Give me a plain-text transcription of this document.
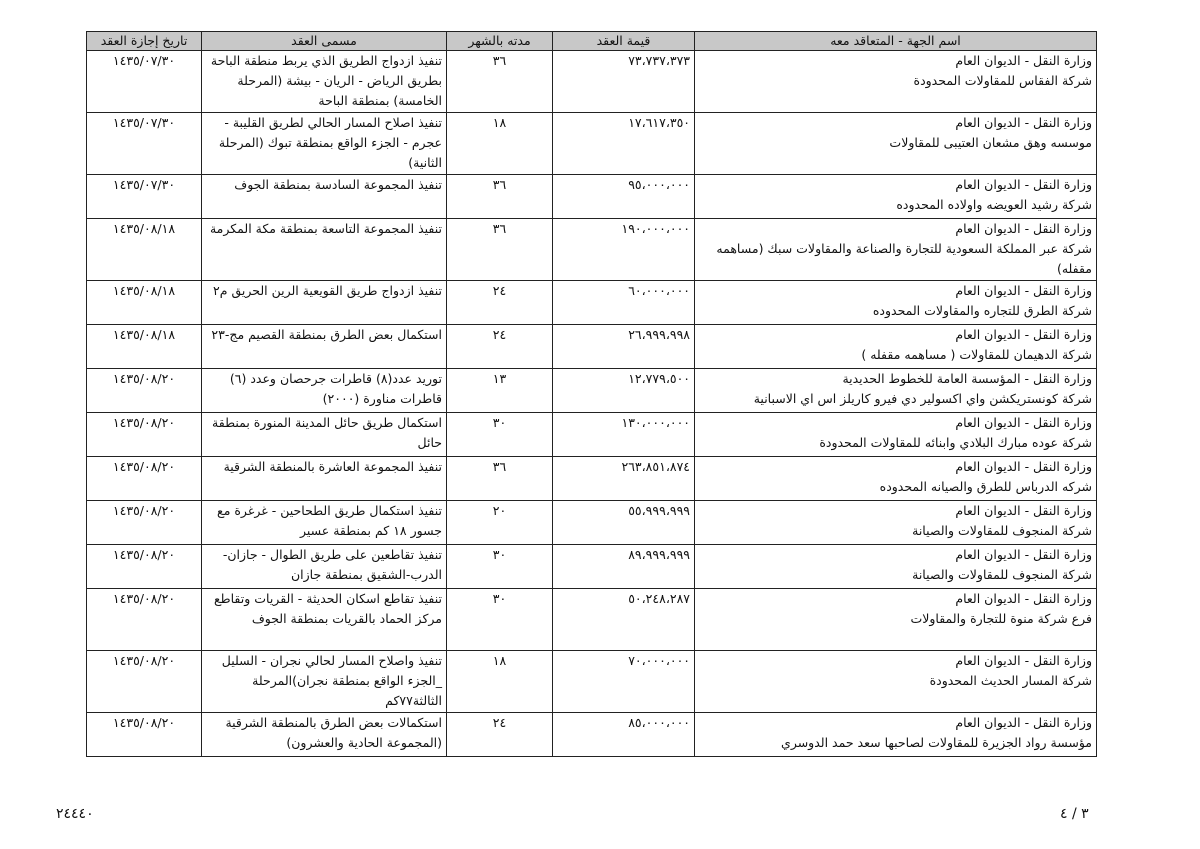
اسم الجهة - المتعاقد معه	قيمة العقد	مدته بالشهر	مسمى العقد	تاريخ إجازة العقد

وزارة النقل - الديوان العام
شركة الفقاس للمقاولات المحدودة	٧٣،٧٣٧،٣٧٣	٣٦	تنفيذ ازدواج الطريق الذي يربط منطقة الباحة بطريق الرياض - الريان - بيشة (المرحلة الخامسة) بمنطقة الباحة	١٤٣٥/٠٧/٣٠

وزارة النقل - الديوان العام
موسسه وهق مشعان العتيبى للمقاولات	١٧،٦١٧،٣٥٠	١٨	تنفيذ اصلاح المسار الحالي لطريق القليبة - عجرم - الجزء الواقع بمنطقة تبوك (المرحلة الثانية)	١٤٣٥/٠٧/٣٠

وزارة النقل - الديوان العام
شركة رشيد العويضه واولاده المحدوده	٩٥،٠٠٠،٠٠٠	٣٦	تنفيذ المجموعة السادسة بمنطقة الجوف	١٤٣٥/٠٧/٣٠

وزارة النقل - الديوان العام
شركة عبر المملكة السعودية للتجارة والصناعة والمقاولات سبك (مساهمه مقفله)	١٩٠،٠٠٠،٠٠٠	٣٦	تنفيذ المجموعة التاسعة بمنطقة مكة المكرمة	١٤٣٥/٠٨/١٨

وزارة النقل - الديوان العام
شركة الطرق للتجاره والمقاولات المحدوده	٦٠،٠٠٠،٠٠٠	٢٤	تنفيذ ازدواج طريق القويعية الرين الحريق م٢	١٤٣٥/٠٨/١٨

وزارة النقل - الديوان العام
شركة الدهيمان للمقاولات ( مساهمه مقفله )	٢٦،٩٩٩،٩٩٨	٢٤	استكمال بعض الطرق بمنطقة القصيم مج-٢٣	١٤٣٥/٠٨/١٨

وزارة النقل - المؤسسة العامة للخطوط الحديدية
شركة كونستريكشن واي اكسولير دي فيرو كاريلز اس اي الاسبانية	١٢،٧٧٩،٥٠٠	١٣	توريد عدد(٨) قاطرات جرحصان وعدد (٦) قاطرات مناورة (٢٠٠٠)	١٤٣٥/٠٨/٢٠

وزارة النقل - الديوان العام
شركة عوده مبارك البلادي وابنائه للمقاولات المحدودة	١٣٠،٠٠٠،٠٠٠	٣٠	استكمال طريق حائل المدينة المنورة بمنطقة حائل	١٤٣٥/٠٨/٢٠

وزارة النقل - الديوان العام
شركه الدرباس للطرق والصيانه المحدوده	٢٦٣،٨٥١،٨٧٤	٣٦	تنفيذ المجموعة العاشرة بالمنطقة الشرقية	١٤٣٥/٠٨/٢٠

وزارة النقل - الديوان العام
شركة المنجوف للمقاولات والصيانة	٥٥،٩٩٩،٩٩٩	٢٠	تنفيذ استكمال طريق الطحاحين - غرغرة مع جسور ١٨ كم بمنطقة عسير	١٤٣٥/٠٨/٢٠

وزارة النقل - الديوان العام
شركة المنجوف للمقاولات والصيانة	٨٩،٩٩٩،٩٩٩	٣٠	تنفيذ تقاطعين على طريق الطوال - جازان- الدرب-الشقيق بمنطقة جازان	١٤٣٥/٠٨/٢٠

وزارة النقل - الديوان العام
فرع شركة منوة للتجارة والمقاولات	٥٠،٢٤٨،٢٨٧	٣٠	تنفيذ تقاطع اسكان الحديثة - القريات وتقاطع مركز الحماد بالقريات بمنطقة الجوف	١٤٣٥/٠٨/٢٠

وزارة النقل - الديوان العام
شركة المسار الحديث المحدودة	٧٠،٠٠٠،٠٠٠	١٨	تنفيذ واصلاح المسار لحالي نجران - السليل _الجزء الواقع بمنطقة نجران)المرحلة الثالثة٧٧كم	١٤٣٥/٠٨/٢٠

وزارة النقل - الديوان العام
مؤسسة رواد الجزيرة للمقاولات لصاحبها سعد حمد الدوسري	٨٥،٠٠٠،٠٠٠	٢٤	استكمالات بعض الطرق بالمنطقة الشرقية (المجموعة الحادية والعشرون)	١٤٣٥/٠٨/٢٠
٢٤٤٤٠	٣ / ٤
